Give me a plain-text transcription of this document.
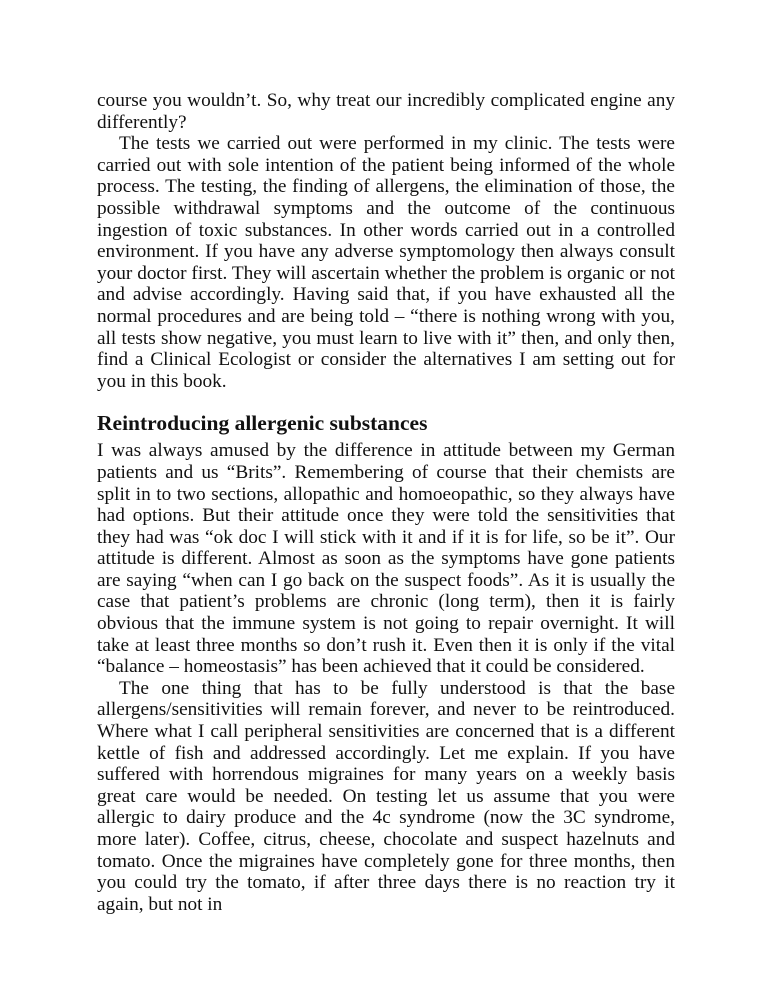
course you wouldn’t. So, why treat our incredibly complicated engine any differently?

The tests we carried out were performed in my clinic. The tests were carried out with sole intention of the patient being informed of the whole process. The testing, the finding of allergens, the elimination of those, the possible withdrawal symptoms and the outcome of the continuous ingestion of toxic substances. In other words carried out in a controlled environment. If you have any adverse symptomology then always consult your doctor first. They will ascertain whether the problem is organic or not and advise accordingly. Having said that, if you have exhausted all the normal procedures and are being told – “there is nothing wrong with you, all tests show negative, you must learn to live with it” then, and only then, find a Clinical Ecologist or consider the alternatives I am setting out for you in this book.

Reintroducing allergenic substances

I was always amused by the difference in attitude between my German patients and us “Brits”. Remembering of course that their chemists are split in to two sections, allopathic and homoeopathic, so they always have had options. But their attitude once they were told the sensitivities that they had was “ok doc I will stick with it and if it is for life, so be it”. Our attitude is different. Almost as soon as the symptoms have gone patients are saying “when can I go back on the suspect foods”. As it is usually the case that patient’s problems are chronic (long term), then it is fairly obvious that the immune system is not going to repair overnight. It will take at least three months so don’t rush it. Even then it is only if the vital “balance – homeostasis” has been achieved that it could be considered.

The one thing that has to be fully understood is that the base allergens/sensitivities will remain forever, and never to be reintroduced. Where what I call peripheral sensitivities are concerned that is a different kettle of fish and addressed accordingly. Let me explain. If you have suffered with horrendous migraines for many years on a weekly basis great care would be needed. On testing let us assume that you were allergic to dairy produce and the 4c syndrome (now the 3C syndrome, more later). Coffee, citrus, cheese, chocolate and suspect hazelnuts and tomato. Once the migraines have completely gone for three months, then you could try the tomato, if after three days there is no reaction try it again, but not in
